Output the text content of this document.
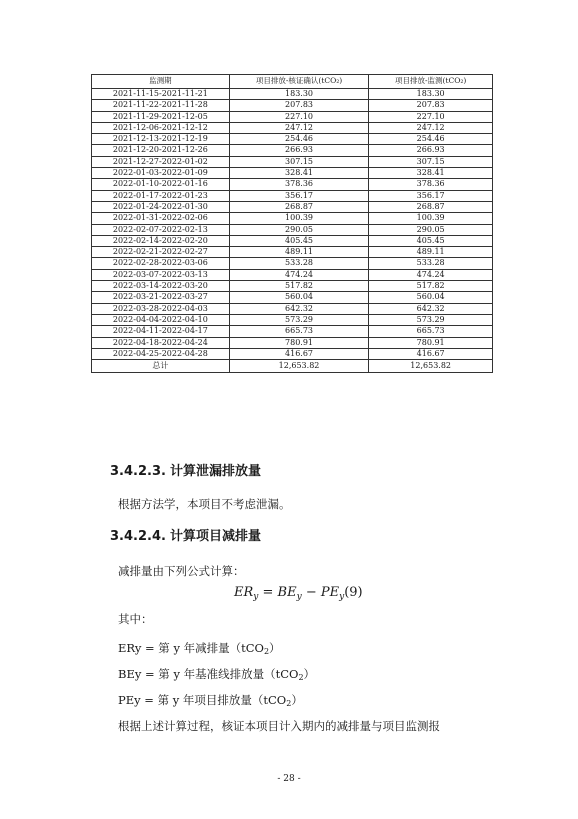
监测期	项目排放-核证确认(tCO₂)	项目排放-监测(tCO₂)
2021-11-15-2021-11-21	183.30	183.30
2021-11-22-2021-11-28	207.83	207.83
2021-11-29-2021-12-05	227.10	227.10
2021-12-06-2021-12-12	247.12	247.12
2021-12-13-2021-12-19	254.46	254.46
2021-12-20-2021-12-26	266.93	266.93
2021-12-27-2022-01-02	307.15	307.15
2022-01-03-2022-01-09	328.41	328.41
2022-01-10-2022-01-16	378.36	378.36
2022-01-17-2022-01-23	356.17	356.17
2022-01-24-2022-01-30	268.87	268.87
2022-01-31-2022-02-06	100.39	100.39
2022-02-07-2022-02-13	290.05	290.05
2022-02-14-2022-02-20	405.45	405.45
2022-02-21-2022-02-27	489.11	489.11
2022-02-28-2022-03-06	533.28	533.28
2022-03-07-2022-03-13	474.24	474.24
2022-03-14-2022-03-20	517.82	517.82
2022-03-21-2022-03-27	560.04	560.04
2022-03-28-2022-04-03	642.32	642.32
2022-04-04-2022-04-10	573.29	573.29
2022-04-11-2022-04-17	665.73	665.73
2022-04-18-2022-04-24	780.91	780.91
2022-04-25-2022-04-28	416.67	416.67
总计	12,653.82	12,653.82
3.4.2.3. 计算泄漏排放量
根据方法学，本项目不考虑泄漏。
3.4.2.4. 计算项目减排量
减排量由下列公式计算：
$ER_y = BE_y - PE_y(9)$
其中：
ERy = 第 y 年减排量（tCO$_2$）
BEy = 第 y 年基准线排放量（tCO$_2$）
PEy = 第 y 年项目排放量（tCO$_2$）
根据上述计算过程，核证本项目计入期内的减排量与项目监测报
- 28 -
